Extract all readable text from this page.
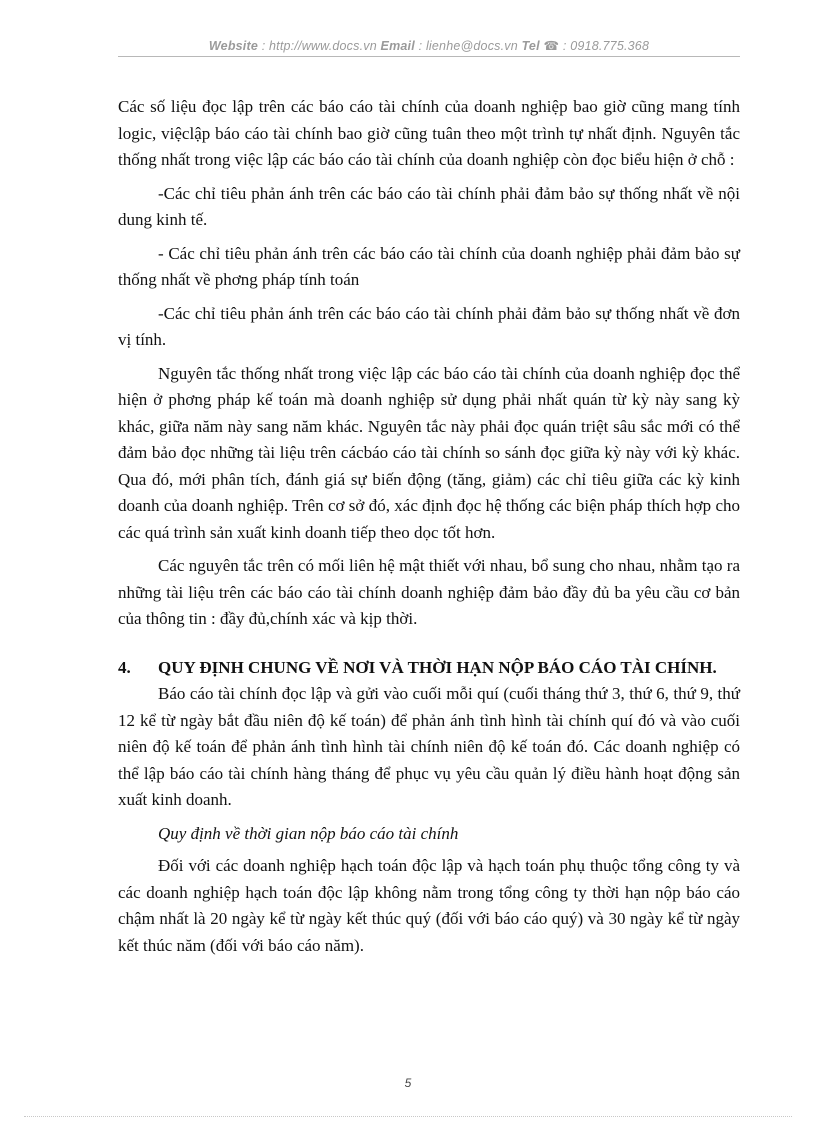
Website : http://www.docs.vn Email : lienhe@docs.vn Tel ☎ : 0918.775.368

Các số liệu đọc lập trên các báo cáo tài chính của doanh nghiệp bao giờ cũng mang tính logic, việclập báo cáo tài chính bao giờ cũng tuân theo một trình tự nhất định. Nguyên tắc thống nhất trong việc lập các báo cáo tài chính của doanh nghiệp còn đọc biểu hiện ở chỗ :

-Các chỉ tiêu phản ánh trên các báo cáo tài chính phải đảm bảo sự thống nhất về nội dung kinh tế.

- Các chỉ tiêu phản ánh trên các báo cáo tài chính của doanh nghiệp phải đảm bảo sự thống nhất về phơng pháp tính toán

-Các chỉ tiêu phản ánh trên các báo cáo tài chính phải đảm bảo sự thống nhất về đơn vị tính.

Nguyên tắc thống nhất trong việc lập các báo cáo tài chính của doanh nghiệp đọc thể hiện ở phơng pháp kế toán mà doanh nghiệp sử dụng phải nhất quán từ kỳ này sang kỳ khác, giữa năm này sang năm khác. Nguyên tắc này phải đọc quán triệt sâu sắc mới có thể đảm bảo đọc những tài liệu trên cácbáo cáo tài chính so sánh đọc giữa kỳ này với kỳ khác. Qua đó, mới phân tích, đánh giá sự biến động (tăng, giảm) các chỉ tiêu giữa các kỳ kinh doanh của doanh nghiệp. Trên cơ sở đó, xác định đọc hệ thống các biện pháp thích hợp cho các quá trình sản xuất kinh doanh tiếp theo dọc tốt hơn.

Các nguyên tắc trên có mối liên hệ mật thiết với nhau, bổ sung cho nhau, nhằm tạo ra những tài liệu trên các báo cáo tài chính doanh nghiệp đảm bảo đầy đủ ba yêu cầu cơ bản của thông tin : đầy đủ,chính xác và kịp thời.

4.	QUY ĐỊNH CHUNG VỀ NƠI VÀ THỜI HẠN NỘP BÁO CÁO TÀI CHÍNH.

Báo cáo tài chính đọc lập và gửi vào cuối mỗi quí (cuối tháng thứ 3, thứ 6, thứ 9, thứ 12 kể từ ngày bắt đầu niên độ kế toán) để phản ánh tình hình tài chính quí đó và vào cuối niên độ kế toán để phản ánh tình hình tài chính niên độ kế toán đó. Các doanh nghiệp có thể lập báo cáo tài chính hàng tháng để phục vụ yêu cầu quản lý điều hành hoạt động sản xuất kinh doanh.

Quy định về thời gian nộp báo cáo tài chính

Đối với các doanh nghiệp hạch toán độc lập và hạch toán phụ thuộc tổng công ty và các doanh nghiệp hạch toán độc lập không nằm trong tổng công ty thời hạn nộp báo cáo chậm nhất là 20 ngày kể từ ngày kết thúc quý (đối với báo cáo quý) và 30 ngày kể từ ngày kết thúc năm (đối với báo cáo năm).

5
